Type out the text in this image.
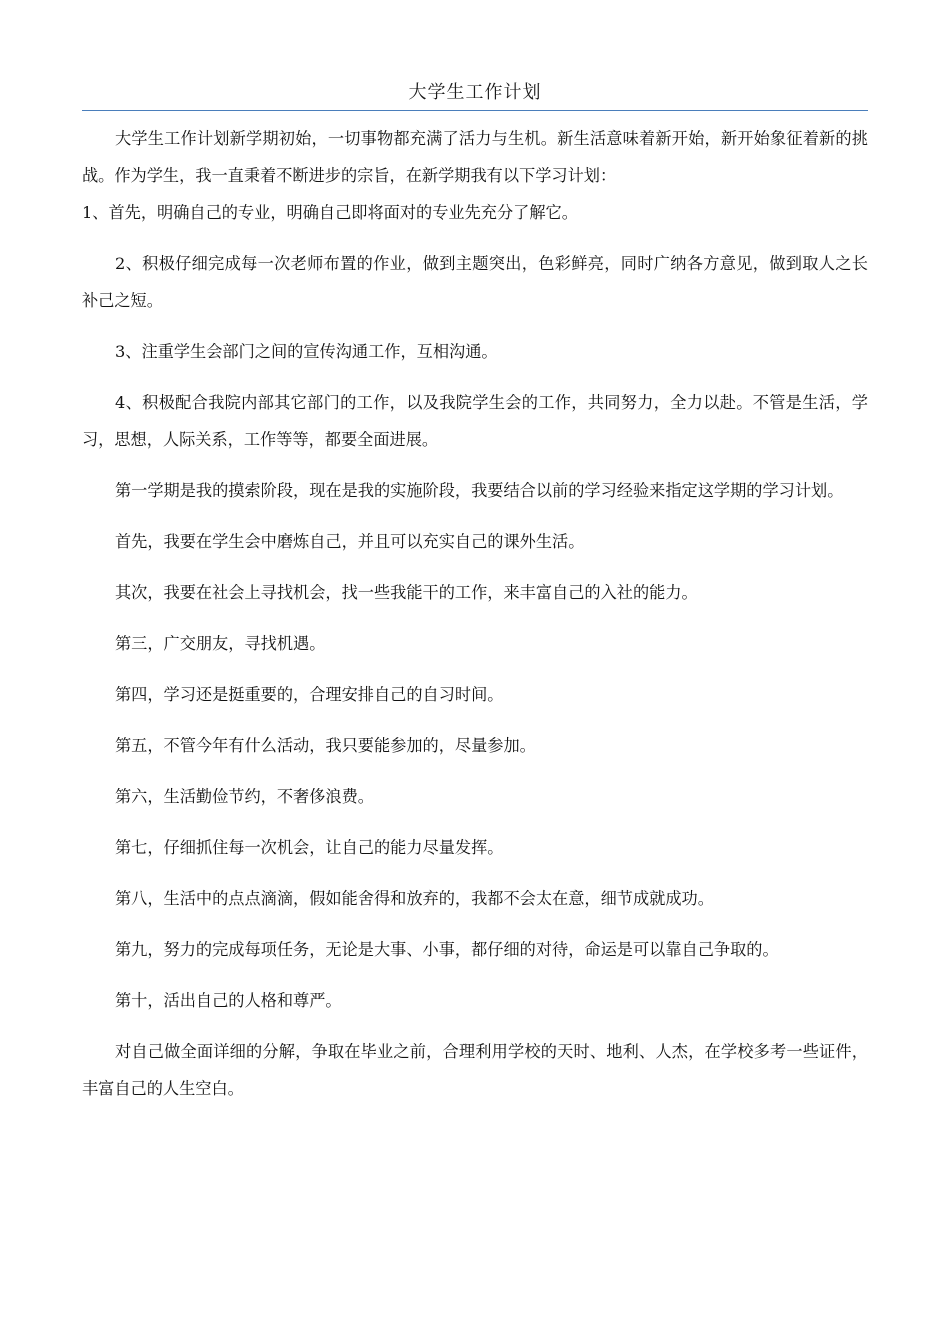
大学生工作计划

大学生工作计划新学期初始，一切事物都充满了活力与生机。新生活意味着新开始，新开始象征着新的挑战。作为学生，我一直秉着不断进步的宗旨，在新学期我有以下学习计划：

1、首先，明确自己的专业，明确自己即将面对的专业先充分了解它。

2、积极仔细完成每一次老师布置的作业，做到主题突出，色彩鲜亮，同时广纳各方意见，做到取人之长补己之短。

3、注重学生会部门之间的宣传沟通工作，互相沟通。

4、积极配合我院内部其它部门的工作，以及我院学生会的工作，共同努力，全力以赴。不管是生活，学习，思想，人际关系，工作等等，都要全面进展。

第一学期是我的摸索阶段，现在是我的实施阶段，我要结合以前的学习经验来指定这学期的学习计划。

首先，我要在学生会中磨炼自己，并且可以充实自己的课外生活。

其次，我要在社会上寻找机会，找一些我能干的工作，来丰富自己的入社的能力。

第三，广交朋友，寻找机遇。

第四，学习还是挺重要的，合理安排自己的自习时间。

第五，不管今年有什么活动，我只要能参加的，尽量参加。

第六，生活勤俭节约，不奢侈浪费。

第七，仔细抓住每一次机会，让自己的能力尽量发挥。

第八，生活中的点点滴滴，假如能舍得和放弃的，我都不会太在意，细节成就成功。

第九，努力的完成每项任务，无论是大事、小事，都仔细的对待，命运是可以靠自己争取的。

第十，活出自己的人格和尊严。

对自己做全面详细的分解，争取在毕业之前，合理利用学校的天时、地利、人杰，在学校多考一些证件，丰富自己的人生空白。
